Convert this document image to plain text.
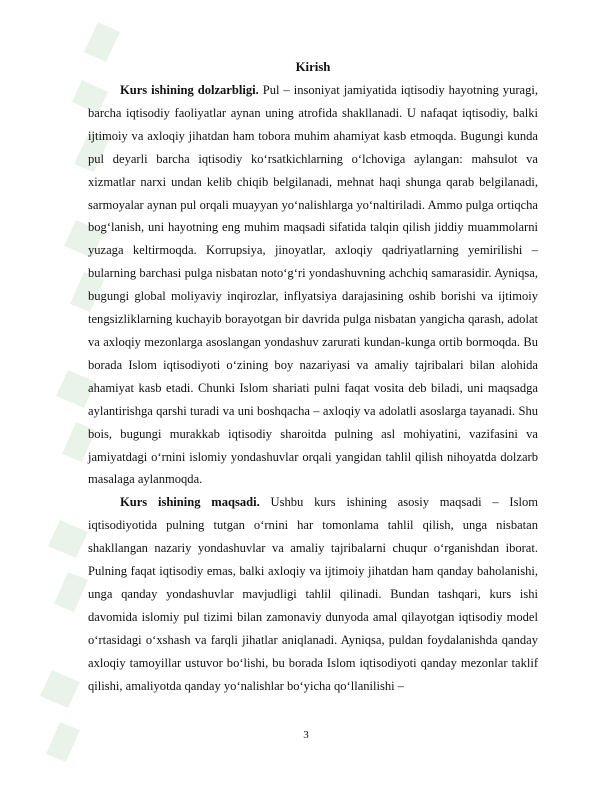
Kirish

Kurs ishining dolzarbligi. Pul – insoniyat jamiyatida iqtisodiy hayotning yuragi, barcha iqtisodiy faoliyatlar aynan uning atrofida shakllanadi. U nafaqat iqtisodiy, balki ijtimoiy va axloqiy jihatdan ham tobora muhim ahamiyat kasb etmoqda. Bugungi kunda pul deyarli barcha iqtisodiy ko‘rsatkichlarning o‘lchoviga aylangan: mahsulot va xizmatlar narxi undan kelib chiqib belgilanadi, mehnat haqi shunga qarab belgilanadi, sarmoyalar aynan pul orqali muayyan yo‘nalishlarga yo‘naltiriladi. Ammo pulga ortiqcha bog‘lanish, uni hayotning eng muhim maqsadi sifatida talqin qilish jiddiy muammolarni yuzaga keltirmoqda. Korrupsiya, jinoyatlar, axloqiy qadriyatlarning yemirilishi – bularning barchasi pulga nisbatan noto‘g‘ri yondashuvning achchiq samarasidir. Ayniqsa, bugungi global moliyaviy inqirozlar, inflyatsiya darajasining oshib borishi va ijtimoiy tengsizliklarning kuchayib borayotgan bir davrida pulga nisbatan yangicha qarash, adolat va axloqiy mezonlarga asoslangan yondashuv zarurati kundan-kunga ortib bormoqda. Bu borada Islom iqtisodiyoti o‘zining boy nazariyasi va amaliy tajribalari bilan alohida ahamiyat kasb etadi. Chunki Islom shariati pulni faqat vosita deb biladi, uni maqsadga aylantirishga qarshi turadi va uni boshqacha – axloqiy va adolatli asoslarga tayanadi. Shu bois, bugungi murakkab iqtisodiy sharoitda pulning asl mohiyatini, vazifasini va jamiyatdagi o‘rnini islomiy yondashuvlar orqali yangidan tahlil qilish nihoyatda dolzarb masalaga aylanmoqda.

Kurs ishining maqsadi. Ushbu kurs ishining asosiy maqsadi – Islom iqtisodiyotida pulning tutgan o‘rnini har tomonlama tahlil qilish, unga nisbatan shakllangan nazariy yondashuvlar va amaliy tajribalarni chuqur o‘rganishdan iborat. Pulning faqat iqtisodiy emas, balki axloqiy va ijtimoiy jihatdan ham qanday baholanishi, unga qanday yondashuvlar mavjudligi tahlil qilinadi. Bundan tashqari, kurs ishi davomida islomiy pul tizimi bilan zamonaviy dunyoda amal qilayotgan iqtisodiy model o‘rtasidagi o‘xshash va farqli jihatlar aniqlanadi. Ayniqsa, puldan foydalanishda qanday axloqiy tamoyillar ustuvor bo‘lishi, bu borada Islom iqtisodiyoti qanday mezonlar taklif qilishi, amaliyotda qanday yo‘nalishlar bo‘yicha qo‘llanilishi –

3
